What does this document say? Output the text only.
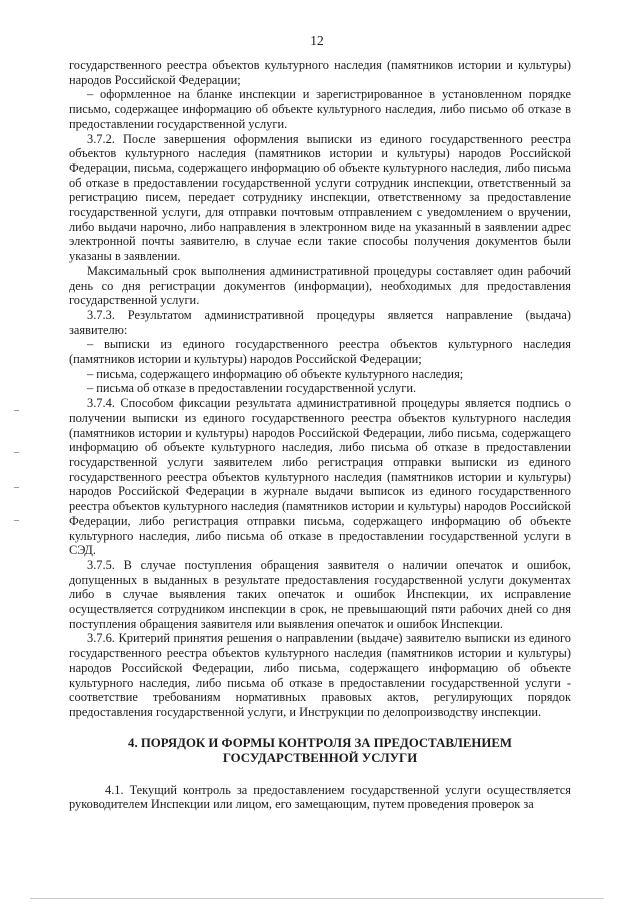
12

государственного реестра объектов культурного наследия (памятников истории и культуры) народов Российской Федерации;

– оформленное на бланке инспекции и зарегистрированное в установленном порядке письмо, содержащее информацию об объекте культурного наследия, либо письмо об отказе в предоставлении государственной услуги.

3.7.2. После завершения оформления выписки из единого государственного реестра объектов культурного наследия (памятников истории и культуры) народов Российской Федерации, письма, содержащего информацию об объекте культурного наследия, либо письма об отказе в предоставлении государственной услуги сотрудник инспекции, ответственный за регистрацию писем, передает сотруднику инспекции, ответственному за предоставление государственной услуги, для отправки почтовым отправлением с уведомлением о вручении, либо выдачи нарочно, либо направления в электронном виде на указанный в заявлении адрес электронной почты заявителю, в случае если такие способы получения документов были указаны в заявлении.

Максимальный срок выполнения административной процедуры составляет один рабочий день со дня регистрации документов (информации), необходимых для предоставления государственной услуги.

3.7.3. Результатом административной процедуры является направление (выдача) заявителю:

– выписки из единого государственного реестра объектов культурного наследия (памятников истории и культуры) народов Российской Федерации;

– письма, содержащего информацию об объекте культурного наследия;

– письма об отказе в предоставлении государственной услуги.

3.7.4. Способом фиксации результата административной процедуры является подпись о получении выписки из единого государственного реестра объектов культурного наследия (памятников истории и культуры) народов Российской Федерации, либо письма, содержащего информацию об объекте культурного наследия, либо письма об отказе в предоставлении государственной услуги заявителем либо регистрация отправки выписки из единого государственного реестра объектов культурного наследия (памятников истории и культуры) народов Российской Федерации в журнале выдачи выписок из единого государственного реестра объектов культурного наследия (памятников истории и культуры) народов Российской Федерации, либо регистрация отправки письма, содержащего информацию об объекте культурного наследия, либо письма об отказе в предоставлении государственной услуги в СЭД.

3.7.5. В случае поступления обращения заявителя о наличии опечаток и ошибок, допущенных в выданных в результате предоставления государственной услуги документах либо в случае выявления таких опечаток и ошибок Инспекции, их исправление осуществляется сотрудником инспекции в срок, не превышающий пяти рабочих дней со дня поступления обращения заявителя или выявления опечаток и ошибок Инспекции.

3.7.6. Критерий принятия решения о направлении (выдаче) заявителю выписки из единого государственного реестра объектов культурного наследия (памятников истории и культуры) народов Российской Федерации, либо письма, содержащего информацию об объекте культурного наследия, либо письма об отказе в предоставлении государственной услуги - соответствие требованиям нормативных правовых актов, регулирующих порядок предоставления государственной услуги, и Инструкции по делопроизводству инспекции.

4. ПОРЯДОК И ФОРМЫ КОНТРОЛЯ ЗА ПРЕДОСТАВЛЕНИЕМ
ГОСУДАРСТВЕННОЙ УСЛУГИ

4.1. Текущий контроль за предоставлением государственной услуги осуществляется руководителем Инспекции или лицом, его замещающим, путем проведения проверок за
